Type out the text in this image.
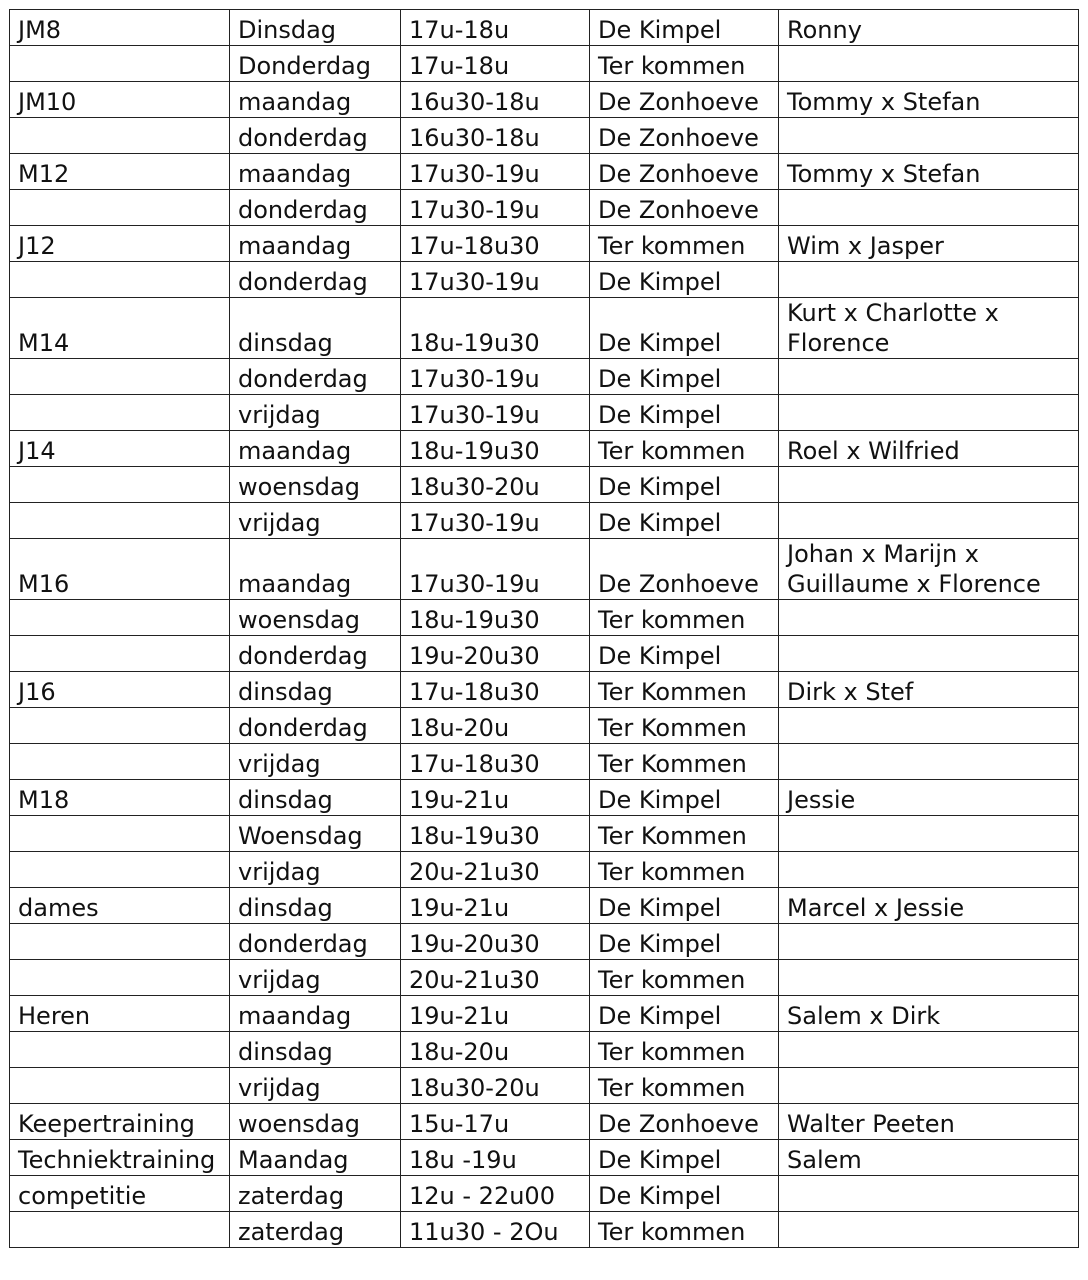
JM8	Dinsdag	17u-18u	De Kimpel	Ronny
	Donderdag	17u-18u	Ter kommen	
JM10	maandag	16u30-18u	De Zonhoeve	Tommy x Stefan
	donderdag	16u30-18u	De Zonhoeve	
M12	maandag	17u30-19u	De Zonhoeve	Tommy x Stefan
	donderdag	17u30-19u	De Zonhoeve	
J12	maandag	17u-18u30	Ter kommen	Wim x Jasper
	donderdag	17u30-19u	De Kimpel	
M14	dinsdag	18u-19u30	De Kimpel	Kurt x Charlotte x Florence
	donderdag	17u30-19u	De Kimpel	
	vrijdag	17u30-19u	De Kimpel	
J14	maandag	18u-19u30	Ter kommen	Roel x Wilfried
	woensdag	18u30-20u	De Kimpel	
	vrijdag	17u30-19u	De Kimpel	
M16	maandag	17u30-19u	De Zonhoeve	Johan x Marijn x Guillaume x Florence
	woensdag	18u-19u30	Ter kommen	
	donderdag	19u-20u30	De Kimpel	
J16	dinsdag	17u-18u30	Ter Kommen	Dirk x Stef
	donderdag	18u-20u	Ter Kommen	
	vrijdag	17u-18u30	Ter Kommen	
M18	dinsdag	19u-21u	De Kimpel	Jessie
	Woensdag	18u-19u30	Ter Kommen	
	vrijdag	20u-21u30	Ter kommen	
dames	dinsdag	19u-21u	De Kimpel	Marcel x Jessie
	donderdag	19u-20u30	De Kimpel	
	vrijdag	20u-21u30	Ter kommen	
Heren	maandag	19u-21u	De Kimpel	Salem x Dirk
	dinsdag	18u-20u	Ter kommen	
	vrijdag	18u30-20u	Ter kommen	
Keepertraining	woensdag	15u-17u	De Zonhoeve	Walter Peeten
Techniektraining	Maandag	18u -19u	De Kimpel	Salem
competitie	zaterdag	12u - 22u00	De Kimpel	
	zaterdag	11u30 - 2Ou	Ter kommen	
